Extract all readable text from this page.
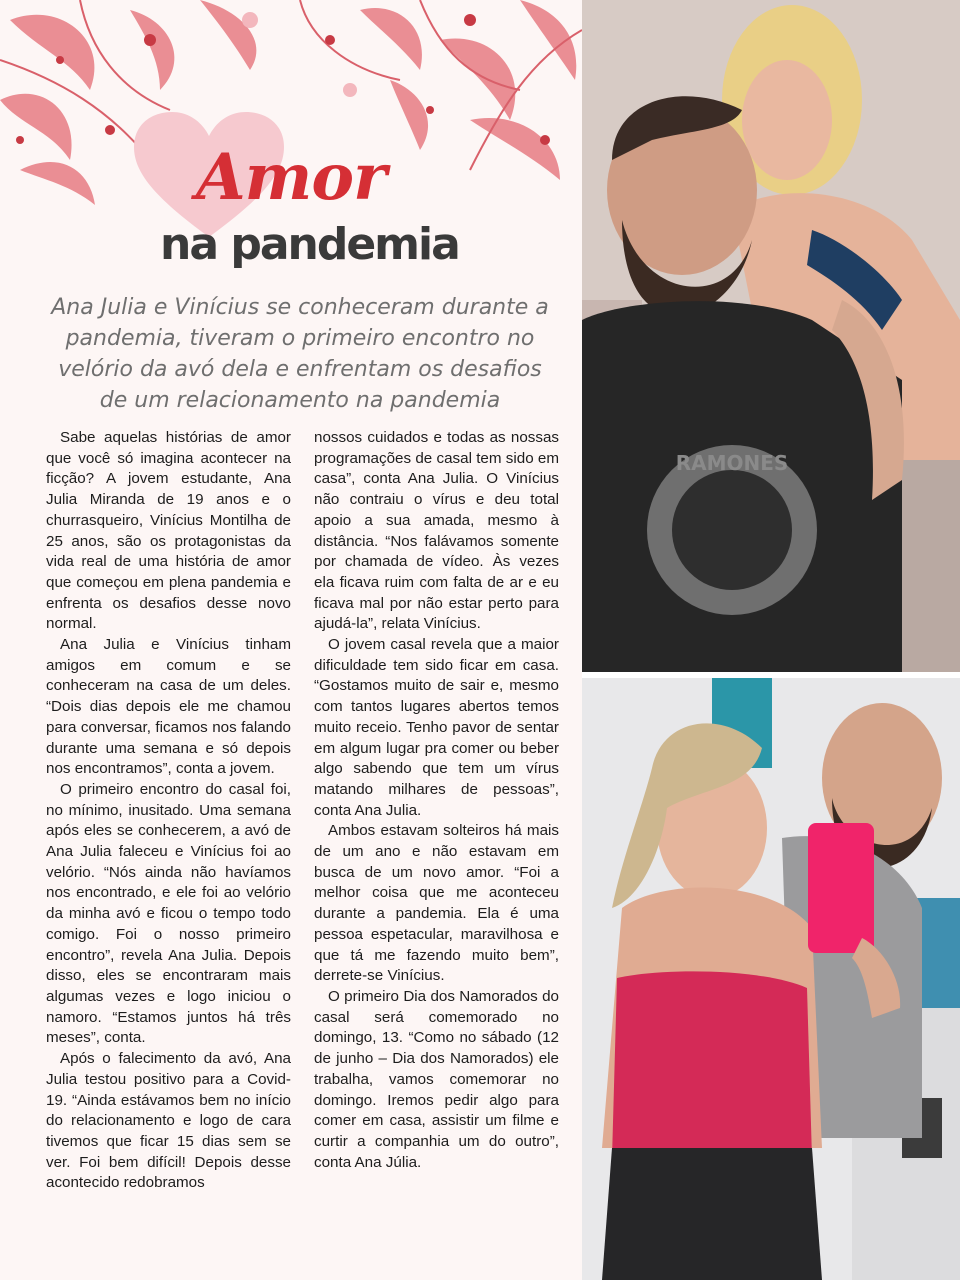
Amor
na pandemia
Ana Julia e Vinícius se conheceram durante a pandemia, tiveram o primeiro encontro no velório da avó dela e enfrentam os desafios de um relacionamento na pandemia

Sabe aquelas histórias de amor que você só imagina acontecer na ficção? A jovem estudante, Ana Julia Miranda de 19 anos e o churrasqueiro, Vinícius Montilha de 25 anos, são os protagonistas da vida real de uma história de amor que começou em plena pandemia e enfrenta os desafios desse novo normal.

Ana Julia e Vinícius tinham amigos em comum e se conheceram na casa de um deles. “Dois dias depois ele me chamou para conversar, ficamos nos falando durante uma semana e só depois nos encontramos”, conta a jovem.

O primeiro encontro do casal foi, no mínimo, inusitado. Uma semana após eles se conhecerem, a avó de Ana Julia faleceu e Vinícius foi ao velório. “Nós ainda não havíamos nos encontrado, e ele foi ao velório da minha avó e ficou o tempo todo comigo. Foi o nosso primeiro encontro”, revela Ana Julia. Depois disso, eles se encontraram mais algumas vezes e logo iniciou o namoro. “Estamos juntos há três meses”, conta.

Após o falecimento da avó, Ana Julia testou positivo para a Covid-19. “Ainda estávamos bem no início do relacionamento e logo de cara tivemos que ficar 15 dias sem se ver. Foi bem difícil! Depois desse acontecido redobramos

nossos cuidados e todas as nossas programações de casal tem sido em casa”, conta Ana Julia. O Vinícius não contraiu o vírus e deu total apoio a sua amada, mesmo à distância. “Nos falávamos somente por chamada de vídeo. Às vezes ela ficava ruim com falta de ar e eu ficava mal por não estar perto para ajudá-la”, relata Vinícius.

O jovem casal revela que a maior dificuldade tem sido ficar em casa. “Gostamos muito de sair e, mesmo com tantos lugares abertos temos muito receio. Tenho pavor de sentar em algum lugar pra comer ou beber algo sabendo que tem um vírus matando milhares de pessoas”, conta Ana Julia.

Ambos estavam solteiros há mais de um ano e não estavam em busca de um novo amor. “Foi a melhor coisa que me aconteceu durante a pandemia. Ela é uma pessoa espetacular, maravilhosa e que tá me fazendo muito bem”, derrete-se Vinícius.

O primeiro Dia dos Namorados do casal será comemorado no domingo, 13. “Como no sábado (12 de junho – Dia dos Namorados) ele trabalha, vamos comemorar no domingo. Iremos pedir algo para comer em casa, assistir um filme e curtir a companhia um do outro”, conta Ana Júlia.

RAMONES
